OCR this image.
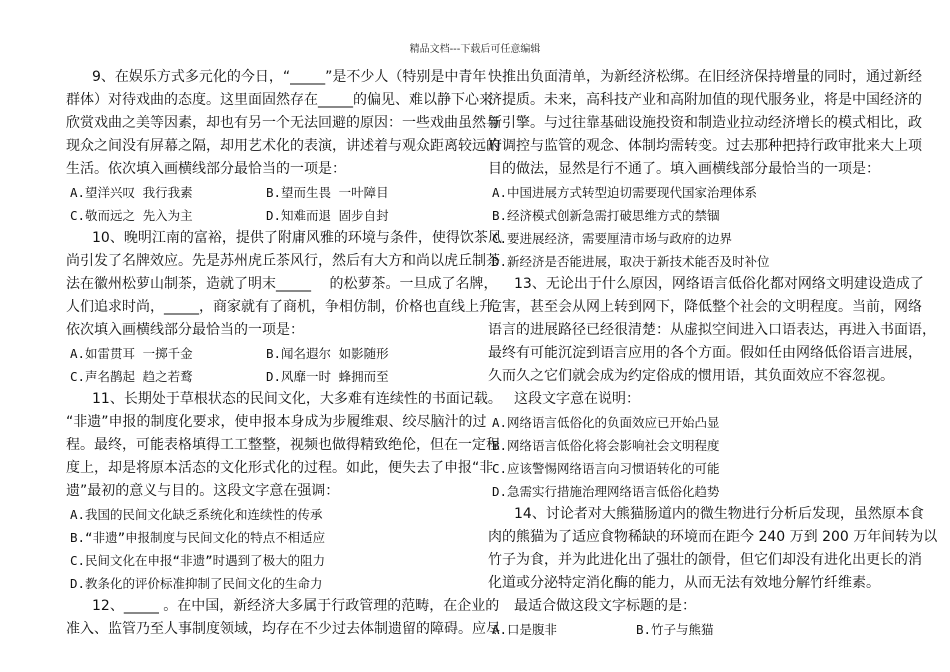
精品文档---下载后可任意编辑
9、在娱乐方式多元化的今日，“_____”是不少人（特别是中青年
群体）对待戏曲的态度。这里面固然存在_____的偏见、难以静下心来
欣赏戏曲之美等因素，却也有另一个无法回避的原因：一些戏曲虽然与
现众之间没有屏幕之隔，却用艺术化的表演，讲述着与观众距离较远的
生活。依次填入画横线部分最恰当的一项是：
A.望洋兴叹 我行我素	B.望而生畏 一叶障目
C.敬而远之 先入为主	D.知难而退 固步自封
10、晚明江南的富裕，提供了附庸风雅的环境与条件，使得饮茶风
尚引发了名牌效应。先是苏州虎丘茶风行，然后有大方和尚以虎丘制茶
法在徽州松萝山制茶，造就了明末_____　 的松萝茶。一旦成了名牌，
人们追求时尚，_____，商家就有了商机，争相仿制，价格也直线上升。
依次填入画横线部分最恰当的一项是：
A.如雷贯耳 一掷千金	B.闻名遐尔 如影随形
C.声名鹊起 趋之若鹜	D.风靡一时 蜂拥而至
11、长期处于草根状态的民间文化，大多难有连续性的书面记载。
“非遗”申报的制度化要求，使申报本身成为步履维艰、绞尽脑汁的过
程。最终，可能表格填得工工整整，视频也做得精致绝伦，但在一定程
度上，却是将原本活态的文化形式化的过程。如此，便失去了申报“非
遗”最初的意义与目的。这段文字意在强调：
A.我国的民间文化缺乏系统化和连续性的传承
B.“非遗”申报制度与民间文化的特点不相适应
C.民间文化在申报“非遗”时遇到了极大的阻力
D.教条化的评价标准抑制了民间文化的生命力
12、_____ 。在中国，新经济大多属于行政管理的范畴，在企业的
准入、监管乃至人事制度领域，均存在不少过去体制遗留的障碍。应尽
快推出负面清单，为新经济松绑。在旧经济保持增量的同时，通过新经
济提质。未来，高科技产业和高附加值的现代服务业，将是中国经济的
新引擎。与过往靠基础设施投资和制造业拉动经济增长的模式相比，政
府调控与监管的观念、体制均需转变。过去那种把持行政审批来大上项
目的做法，显然是行不通了。填入画横线部分最恰当的一项是：
A.中国进展方式转型迫切需要现代国家治理体系
B.经济模式创新急需打破思维方式的禁锢
C.要进展经济，需要厘清市场与政府的边界
D.新经济是否能进展，取决于新技术能否及时补位
13、无论出于什么原因，网络语言低俗化都对网络文明建设造成了
危害，甚至会从网上转到网下，降低整个社会的文明程度。当前，网络
语言的进展路径已经很清楚：从虚拟空间进入口语表达，再进入书面语，
最终有可能沉淀到语言应用的各个方面。假如任由网络低俗语言进展，
久而久之它们就会成为约定俗成的惯用语，其负面效应不容忽视。
这段文字意在说明：
A.网络语言低俗化的负面效应已开始凸显
B.网络语言低俗化将会影响社会文明程度
C.应该警惕网络语言向习惯语转化的可能
D.急需实行措施治理网络语言低俗化趋势
14、讨论者对大熊猫肠道内的微生物进行分析后发现，虽然原本食
肉的熊猫为了适应食物稀缺的环境而在距今 240 万到 200 万年间转为以
竹子为食，并为此进化出了强壮的颌骨，但它们却没有进化出更长的消
化道或分泌特定消化酶的能力，从而无法有效地分解竹纤维素。
最适合做这段文字标题的是：
A.口是腹非	B.竹子与熊猫
